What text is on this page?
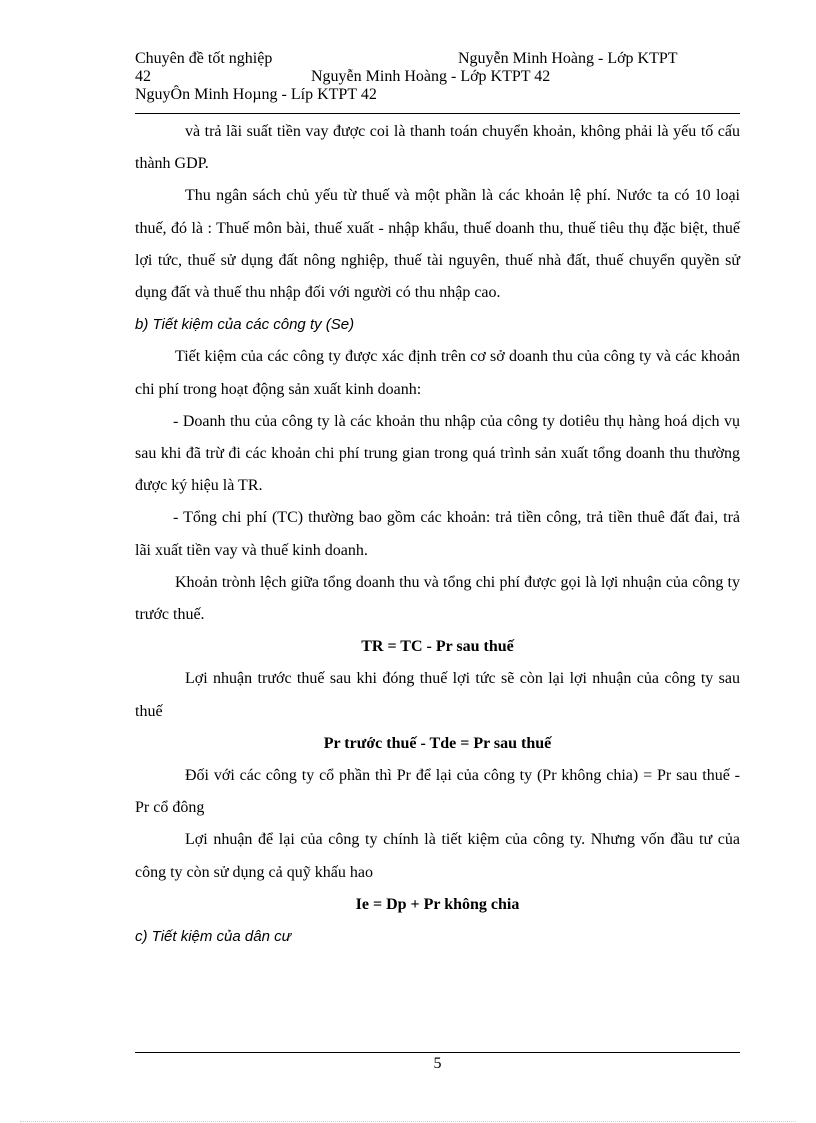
Chuyên đề tốt nghiệp	Nguyễn Minh Hoàng - Lớp KTPT
42	Nguyễn Minh Hoàng - Lớp KTPT 42
NguyÔn Minh Hoµng - Líp KTPT 42

và trả lãi suất tiền vay được coi là thanh toán chuyển khoản, không phải là yếu tố cấu thành GDP.

Thu ngân sách chủ yếu từ thuế và một phần là các khoản lệ phí. Nước ta có 10 loại thuế, đó là : Thuế môn bài, thuế xuất - nhập khẩu, thuế doanh thu, thuế tiêu thụ đặc biệt, thuế lợi tức, thuế sử dụng đất nông nghiệp, thuế tài nguyên, thuế nhà đất, thuế chuyển quyền sử dụng đất và thuế thu nhập đối với người có thu nhập cao.

b) Tiết kiệm của các công ty (Se)

Tiết kiệm của các công ty được xác định trên cơ sở doanh thu của công ty và các khoản chi phí trong hoạt động sản xuất kinh doanh:

- Doanh thu của công ty là các khoản thu nhập của công ty dotiêu thụ hàng hoá dịch vụ sau khi đã trừ đi các khoản chi phí trung gian trong quá trình sản xuất tổng doanh thu thường được ký hiệu là TR.

- Tổng chi phí (TC) thường bao gồm các khoản: trả tiền công, trả tiền thuê đất đai, trả lãi xuất tiền vay và thuế kinh doanh.

Khoản trònh lệch giữa tổng doanh thu và tổng chi phí được gọi là lợi nhuận của công ty trước thuế.

TR = TC - Pr sau thuế

Lợi nhuận trước thuế sau khi đóng thuế lợi tức sẽ còn lại lợi nhuận của công ty sau thuế

Pr trước thuế - Tde = Pr sau thuế

Đối với các công ty cổ phần thì Pr để lại của công ty (Pr không chia) = Pr sau thuế - Pr cổ đông

Lợi nhuận để lại của công ty chính là tiết kiệm của công ty. Nhưng vốn đầu tư của công ty còn sử dụng cả quỹ khấu hao

Ie = Dp + Pr không chia

c) Tiết kiệm của dân cư

5
